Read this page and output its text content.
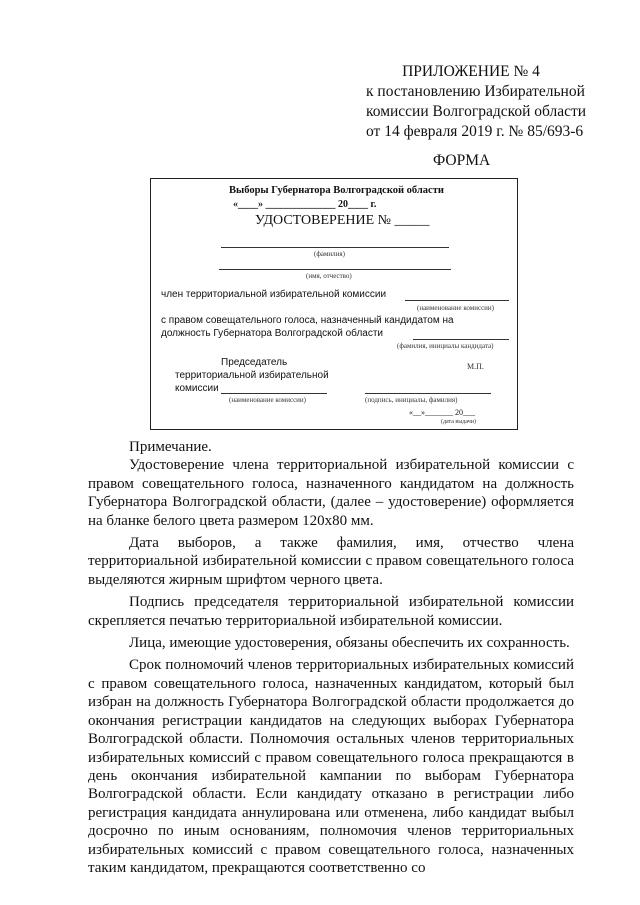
ПРИЛОЖЕНИЕ № 4
к постановлению Избирательной
комиссии Волгоградской области
от 14 февраля 2019 г. № 85/693-6
ФОРМА
Выборы Губернатора Волгоградской области
«____» ______________ 20____ г.
УДОСТОВЕРЕНИЕ № _____
(фамилия)
(имя, отчество)
член территориальной избирательной комиссии
(наименование комиссии)
с правом совещательного голоса, назначенный кандидатом на
должность Губернатора Волгоградской области
(фамилия, инициалы кандидата)
Председатель
территориальной избирательной
комиссии
М.П.
(наименование комиссии)	(подпись, инициалы, фамилия)
«__»_______ 20___
(дата выдачи)

Примечание.

Удостоверение члена территориальной избирательной комиссии с правом совещательного голоса, назначенного кандидатом на должность Губернатора Волгоградской области, (далее – удостоверение) оформляется на бланке белого цвета размером 120х80 мм.

Дата выборов, а также фамилия, имя, отчество члена территориальной избирательной комиссии с правом совещательного голоса выделяются жирным шрифтом черного цвета.

Подпись председателя территориальной избирательной комиссии скрепляется печатью территориальной избирательной комиссии.

Лица, имеющие удостоверения, обязаны обеспечить их сохранность.

Срок полномочий членов территориальных избирательных комиссий с правом совещательного голоса, назначенных кандидатом, который был избран на должность Губернатора Волгоградской области продолжается до окончания регистрации кандидатов на следующих выборах Губернатора Волгоградской области. Полномочия остальных членов территориальных избирательных комиссий с правом совещательного голоса прекращаются в день окончания избирательной кампании по выборам Губернатора Волгоградской области. Если кандидату отказано в регистрации либо регистрация кандидата аннулирована или отменена, либо кандидат выбыл досрочно по иным основаниям, полномочия членов территориальных избирательных комиссий с правом совещательного голоса, назначенных таким кандидатом, прекращаются соответственно со
